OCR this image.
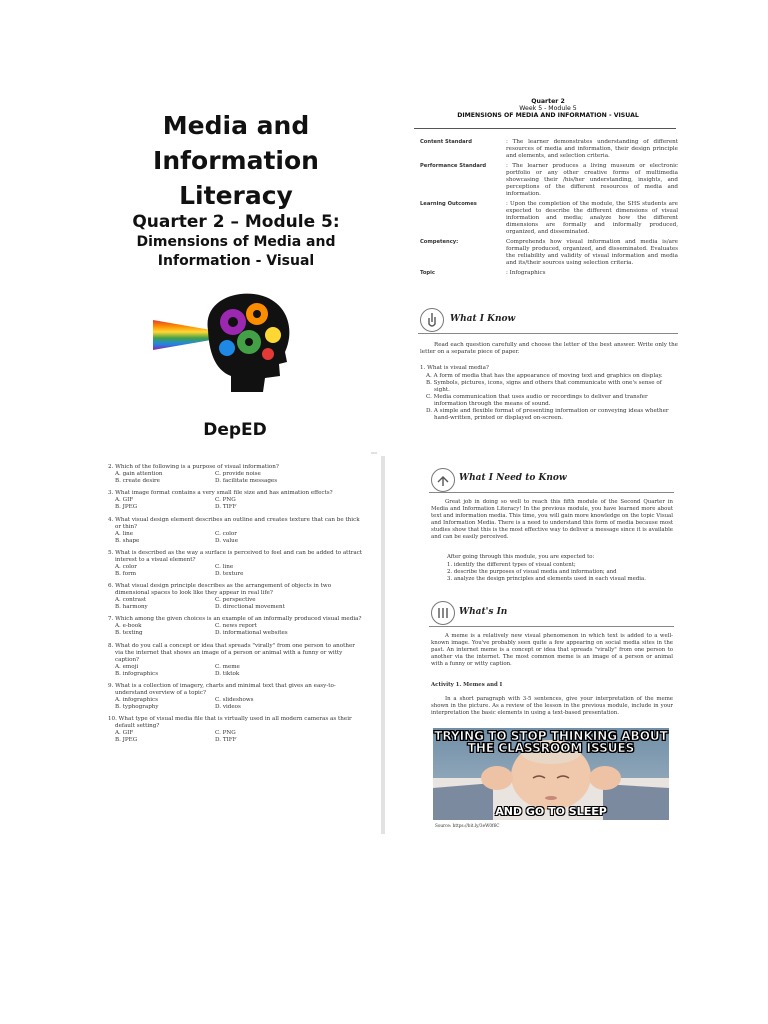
Media and
Information
Literacy
Quarter 2 – Module 5:
Dimensions of Media and
Information - Visual
DepED
Quarter 2
Week 5 - Module 5
DIMENSIONS OF MEDIA AND INFORMATION - VISUAL
Content Standard	: The learner demonstrates understanding of different resources of media and information, their design principle and elements, and selection criteria.
Performance Standard	: The learner produces a living museum or electronic portfolio or any other creative forms of multimedia showcasing their /his/her understanding, insights, and perceptions of the different resources of media and information.
Learning Outcomes	: Upon the completion of the module, the SHS students are expected to describe the different dimensions of visual information and media; analyze how the different dimensions are formally and informally produced, organized, and disseminated.
Competency:	Comprehends how visual information and media is/are formally produced, organized, and disseminated. Evaluates the reliability and validity of visual information and media and its/their sources using selection criteria.
Topic	: Infographics
What I Know
Read each question carefully and choose the letter of the best answer. Write only the letter on a separate piece of paper.
1. What is visual media?
A. A form of media that has the appearance of moving text and graphics on display.
B. Symbols, pictures, icons, signs and others that communicate with one's sense of sight.
C. Media communication that uses audio or recordings to deliver and transfer information through the means of sound.
D. A simple and flexible format of presenting information or conveying ideas whether hand-written, printed or displayed on-screen.
2. Which of the following is a purpose of visual information?
A. gain attention	C. provide noise
B. create desire	D. facilitate messages
3. What image format contains a very small file size and has animation effects?
A. GIF	C. PNG
B. JPEG	D. TIFF
4. What visual design element describes an outline and creates texture that can be thick or thin?
A. line	C. color
B. shape	D. value
5. What is described as the way a surface is perceived to feel and can be added to attract interest to a visual element?
A. color	C. line
B. form	D. texture
6. What visual design principle describes as the arrangement of objects in two dimensional spaces to look like they appear in real life?
A. contrast	C. perspective
B. harmony	D. directional movement
7. Which among the given choices is an example of an informally produced visual media?
A. e-book	C. news report
B. texting	D. informational websites
8. What do you call a concept or idea that spreads "virally" from one person to another via the internet that shows an image of a person or animal with a funny or witty caption?
A. emoji	C. meme
B. infographics	D. tiktok
9. What is a collection of imagery, charts and minimal text that gives an easy-to-understand overview of a topic?
A. infographics	C. slideshows
B. typhography	D. videos
10. What type of visual media file that is virtually used in all modern cameras as their default setting?
A. GIF	C. PNG
B. JPEG	D. TIFF
What I Need to Know
Great job in doing so well to reach this fifth module of the Second Quarter in Media and Information Literacy! In the previous module, you have learned more about text and information media. This time, you will gain more knowledge on the topic Visual and Information Media. There is a need to understand this form of media because most studies show that this is the most effective way to deliver a message since it is available and can be easily perceived.
After going through this module, you are expected to:
1. identify the different types of visual content;
2. describe the purposes of visual media and information; and
3. analyze the design principles and elements used in each visual media.
What's In
A meme is a relatively new visual phenomenon in which text is added to a well-known image. You've probably seen quite a few appearing on social media sites in the past. An internet meme is a concept or idea that spreads "virally" from one person to another via the internet. The most common meme is an image of a person or animal with a funny or witty caption.
Activity 1. Memes and I
In a short paragraph with 3-5 sentences, give your interpretation of the meme shown in the picture. As a review of the lesson in the previous module, include in your interpretation the basic elements in using a text-based presentation.
Source: https://bit.ly/3eW0f6C
TRYING TO STOP THINKING ABOUT THE CLASSROOM ISSUES
AND GO TO SLEEP
